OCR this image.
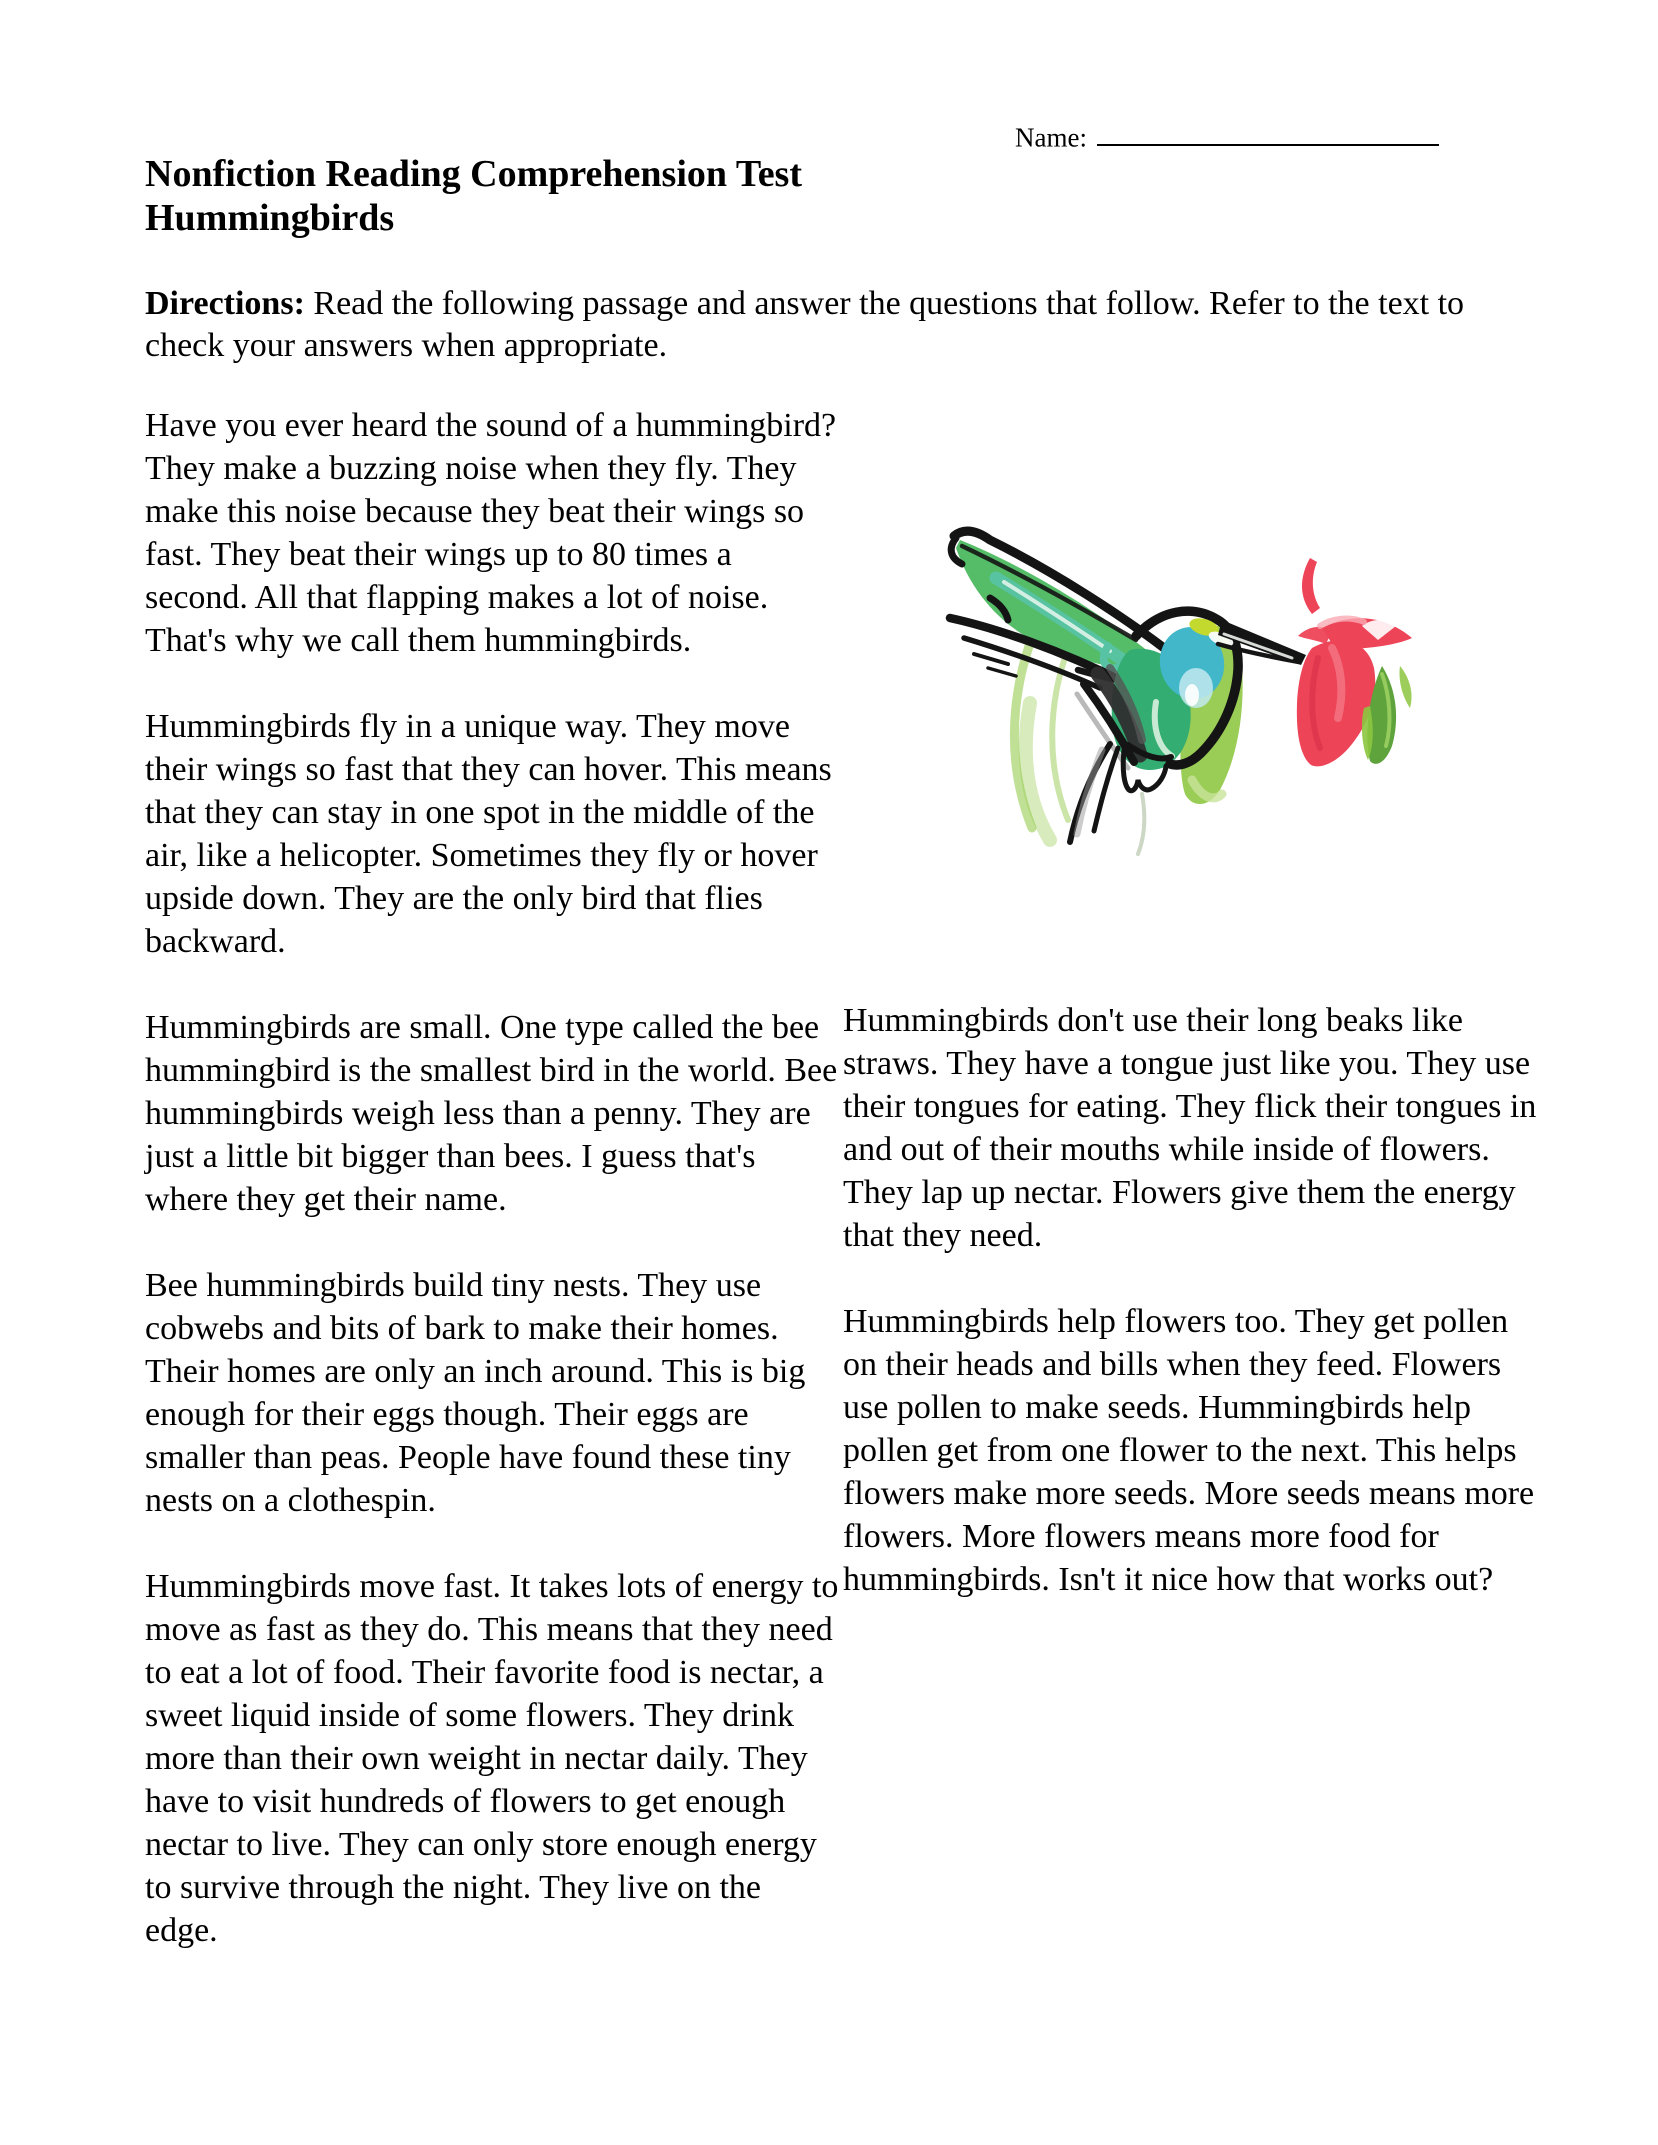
Name:
Nonfiction Reading Comprehension Test
Hummingbirds

Directions: Read the following passage and answer the questions that follow. Refer to the text to check your answers when appropriate.

Have you ever heard the sound of a hummingbird? They make a buzzing noise when they fly. They make this noise because they beat their wings so fast. They beat their wings up to 80 times a second. All that flapping makes a lot of noise. That's why we call them hummingbirds.

Hummingbirds fly in a unique way. They move their wings so fast that they can hover. This means that they can stay in one spot in the middle of the air, like a helicopter. Sometimes they fly or hover upside down. They are the only bird that flies backward.

Hummingbirds are small. One type called the bee hummingbird is the smallest bird in the world. Bee hummingbirds weigh less than a penny. They are just a little bit bigger than bees. I guess that's where they get their name.

Bee hummingbirds build tiny nests. They use cobwebs and bits of bark to make their homes. Their homes are only an inch around. This is big enough for their eggs though. Their eggs are smaller than peas. People have found these tiny nests on a clothespin.

Hummingbirds move fast. It takes lots of energy to move as fast as they do. This means that they need to eat a lot of food. Their favorite food is nectar, a sweet liquid inside of some flowers. They drink more than their own weight in nectar daily. They have to visit hundreds of flowers to get enough nectar to live. They can only store enough energy to survive through the night. They live on the edge.

Hummingbirds don't use their long beaks like straws. They have a tongue just like you. They use their tongues for eating. They flick their tongues in and out of their mouths while inside of flowers. They lap up nectar. Flowers give them the energy that they need.

Hummingbirds help flowers too. They get pollen on their heads and bills when they feed. Flowers use pollen to make seeds. Hummingbirds help pollen get from one flower to the next. This helps flowers make more seeds. More seeds means more flowers. More flowers means more food for hummingbirds. Isn't it nice how that works out?
